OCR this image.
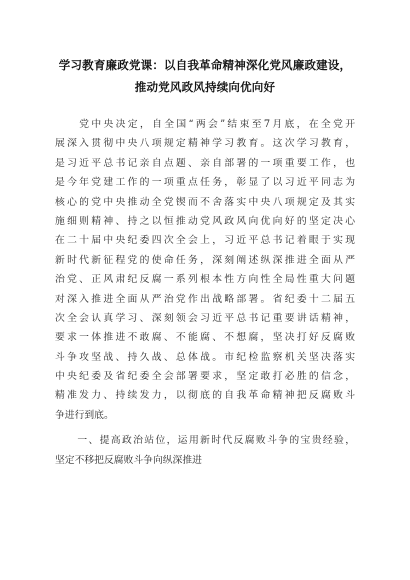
学习教育廉政党课：以自我革命精神深化党风廉政建设，
推动党风政风持续向优向好
　　党中央决定，自全国“两会”结束至7月底，在全党开
展深入贯彻中央八项规定精神学习教育。这次学习教育，
是习近平总书记亲自点题、亲自部署的一项重要工作，也
是今年党建工作的一项重点任务，彰显了以习近平同志为
核心的党中央推动全党锲而不舍落实中央八项规定及其实
施细则精神、持之以恒推动党风政风向优向好的坚定决心
在二十届中央纪委四次全会上，习近平总书记着眼于实现
新时代新征程党的使命任务，深刻阐述纵深推进全面从严
治党、正风肃纪反腐一系列根本性方向性全局性重大问题
对深入推进全面从严治党作出战略部署。省纪委十二届五
次全会认真学习、深刻领会习近平总书记重要讲话精神，
要求一体推进不敢腐、不能腐、不想腐，坚决打好反腐败
斗争攻坚战、持久战、总体战。市纪检监察机关坚决落实
中央纪委及省纪委全会部署要求，坚定敢打必胜的信念，
精准发力、持续发力，以彻底的自我革命精神把反腐败斗
争进行到底。
　　一、提高政治站位，运用新时代反腐败斗争的宝贵经验，
坚定不移把反腐败斗争向纵深推进
